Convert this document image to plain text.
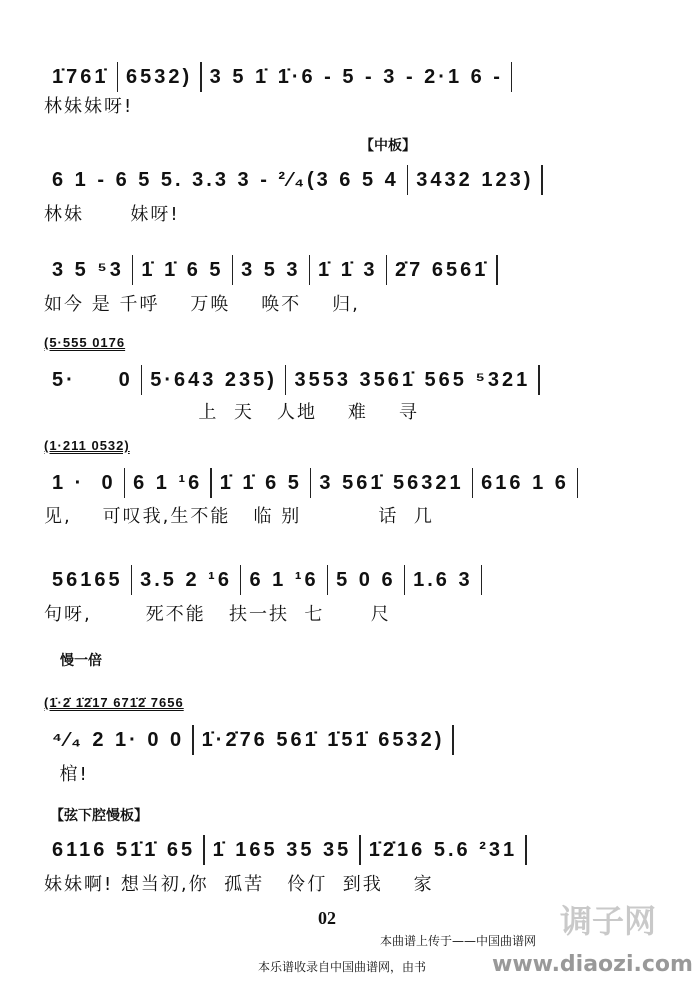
1̇761̇ 6532) 3 5 1̇ 1̇·6 - 5 - 3 - 2·1 6 -
林妹妹呀!
【中板】
6 1 - 6 5 5. 3.3 3 - ²⁄₄(3 6 5 4 3432 123)
林妹      妹呀!
3 5 ⁵3 1̇ 1̇ 6 5 3 5 3 1̇ 1̇ 3 2̇7 6561̇
如今 是 千呼    万唤    唤不    归,
(5·555 0176
5·     0 5·643 235) 3553 3561̇ 565 ⁵321
上  天   人地    难    寻
(1·211 0532)
1 ·  0 6 1 ¹6 1̇ 1̇ 6 5 3 561̇ 56321 616 1 6
见,    可叹我,生不能   临 别          话  几
56165 3.5 2 ¹6 6 1 ¹6 5 0 6 1.6 3
句呀,       死不能   扶一扶  七      尺
慢一倍
(1̇·2̇ 1̇2̇17 671̇2̇ 7656
⁴⁄₄ 2 1· 0 0 1̇·2̇76 561̇ 1̇51̇ 6532)
棺!
【弦下腔慢板】
6116 51̇1̇ 65 1̇ 165 35 35 1̇2̇16 5.6 ²31
妹妹啊! 想当初,你  孤苦   伶仃  到我    家
02
本曲谱上传于——中国曲谱网
本乐谱收录自中国曲谱网，由书
调子网
www.diaozi.com
